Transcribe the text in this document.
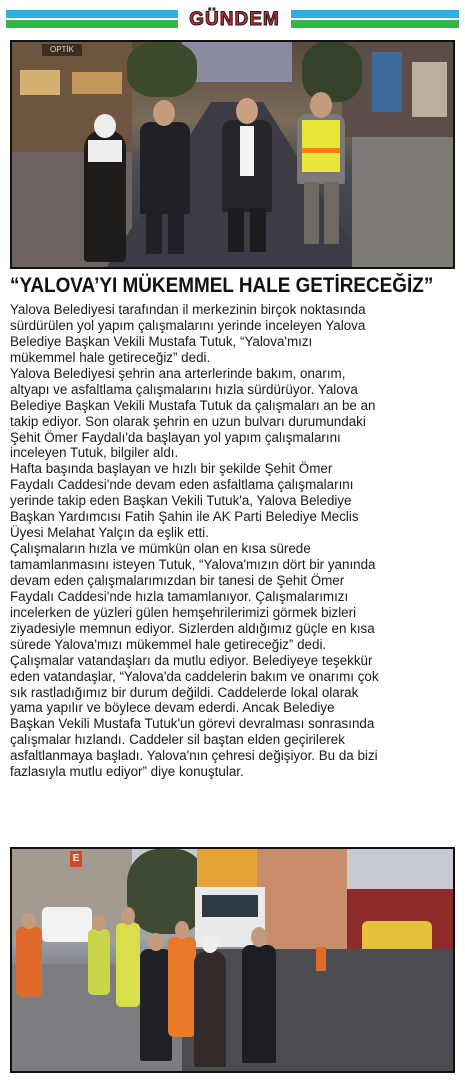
GÜNDEM
OPTİK
“YALOVA’YI MÜKEMMEL HALE GETİRECEĞİZ”
Yalova Belediyesi tarafından il merkezinin birçok noktasında
sürdürülen yol yapım çalışmalarını yerinde inceleyen Yalova
Belediye Başkan Vekili Mustafa Tutuk, “Yalova'mızı
mükemmel hale getireceğiz” dedi.
Yalova Belediyesi şehrin ana arterlerinde bakım, onarım,
altyapı ve asfaltlama çalışmalarını hızla sürdürüyor. Yalova
Belediye Başkan Vekili Mustafa Tutuk da çalışmaları an be an
takip ediyor. Son olarak şehrin en uzun bulvarı durumundaki
Şehit Ömer Faydalı'da başlayan yol yapım çalışmalarını
inceleyen Tutuk, bilgiler aldı.
Hafta başında başlayan ve hızlı bir şekilde Şehit Ömer
Faydalı Caddesi'nde devam eden asfaltlama çalışmalarını
yerinde takip eden Başkan Vekili Tutuk'a, Yalova Belediye
Başkan Yardımcısı Fatih Şahin ile AK Parti Belediye Meclis
Üyesi Melahat Yalçın da eşlik etti.
Çalışmaların hızla ve mümkün olan en kısa sürede
tamamlanmasını isteyen Tutuk, “Yalova'mızın dört bir yanında
devam eden çalışmalarımızdan bir tanesi de Şehit Ömer
Faydalı Caddesi'nde hızla tamamlanıyor. Çalışmalarımızı
incelerken de yüzleri gülen hemşehrilerimizi görmek bizleri
ziyadesiyle memnun ediyor. Sizlerden aldığımız güçle en kısa
sürede Yalova'mızı mükemmel hale getireceğiz” dedi.
Çalışmalar vatandaşları da mutlu ediyor. Belediyeye teşekkür
eden vatandaşlar, “Yalova'da caddelerin bakım ve onarımı çok
sık rastladığımız bir durum değildi. Caddelerde lokal olarak
yama yapılır ve böylece devam ederdi. Ancak Belediye
Başkan Vekili Mustafa Tutuk'un görevi devralması sonrasında
çalışmalar hızlandı. Caddeler sil baştan elden geçirilerek
asfaltlanmaya başladı. Yalova'nın çehresi değişiyor. Bu da bizi
fazlasıyla mutlu ediyor” diye konuştular.
E
